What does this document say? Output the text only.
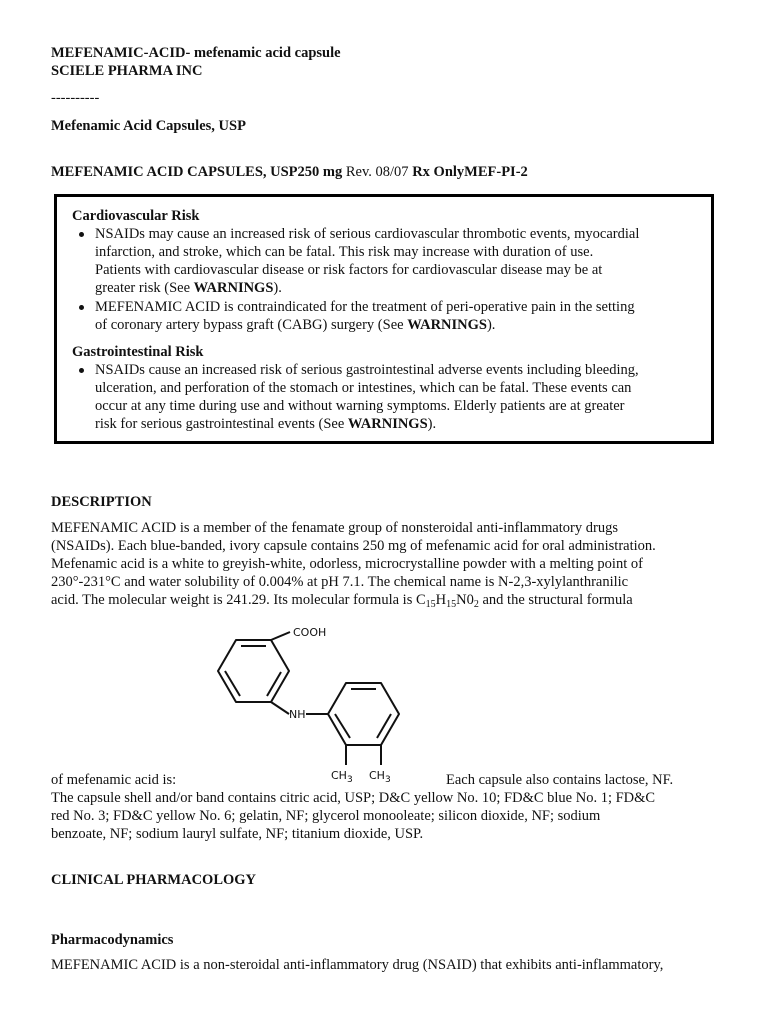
MEFENAMIC-ACID- mefenamic acid capsule
SCIELE PHARMA INC
----------
Mefenamic Acid Capsules, USP
MEFENAMIC ACID CAPSULES, USP250 mg Rev. 08/07 Rx OnlyMEF-PI-2
Cardiovascular Risk
NSAIDs may cause an increased risk of serious cardiovascular thrombotic events, myocardial
infarction, and stroke, which can be fatal. This risk may increase with duration of use.
Patients with cardiovascular disease or risk factors for cardiovascular disease may be at
greater risk (See WARNINGS).
MEFENAMIC ACID is contraindicated for the treatment of peri-operative pain in the setting
of coronary artery bypass graft (CABG) surgery (See WARNINGS).
Gastrointestinal Risk
NSAIDs cause an increased risk of serious gastrointestinal adverse events including bleeding,
ulceration, and perforation of the stomach or intestines, which can be fatal. These events can
occur at any time during use and without warning symptoms. Elderly patients are at greater
risk for serious gastrointestinal events (See WARNINGS).
DESCRIPTION
MEFENAMIC ACID is a member of the fenamate group of nonsteroidal anti-inflammatory drugs
(NSAIDs). Each blue-banded, ivory capsule contains 250 mg of mefenamic acid for oral administration.
Mefenamic acid is a white to greyish-white, odorless, microcrystalline powder with a melting point of
230°-231°C and water solubility of 0.004% at pH 7.1. The chemical name is N-2,3-xylylanthranilic
acid. The molecular weight is 241.29. Its molecular formula is $C_{15}H_{15}N0_2$ and the structural formula
COOH
NH
$CH_3$ $CH_3$
of mefenamic acid is:	Each capsule also contains lactose, NF.
The capsule shell and/or band contains citric acid, USP; D&C yellow No. 10; FD&C blue No. 1; FD&C
red No. 3; FD&C yellow No. 6; gelatin, NF; glycerol monooleate; silicon dioxide, NF; sodium
benzoate, NF; sodium lauryl sulfate, NF; titanium dioxide, USP.
CLINICAL PHARMACOLOGY
Pharmacodynamics
MEFENAMIC ACID is a non-steroidal anti-inflammatory drug (NSAID) that exhibits anti-inflammatory,
